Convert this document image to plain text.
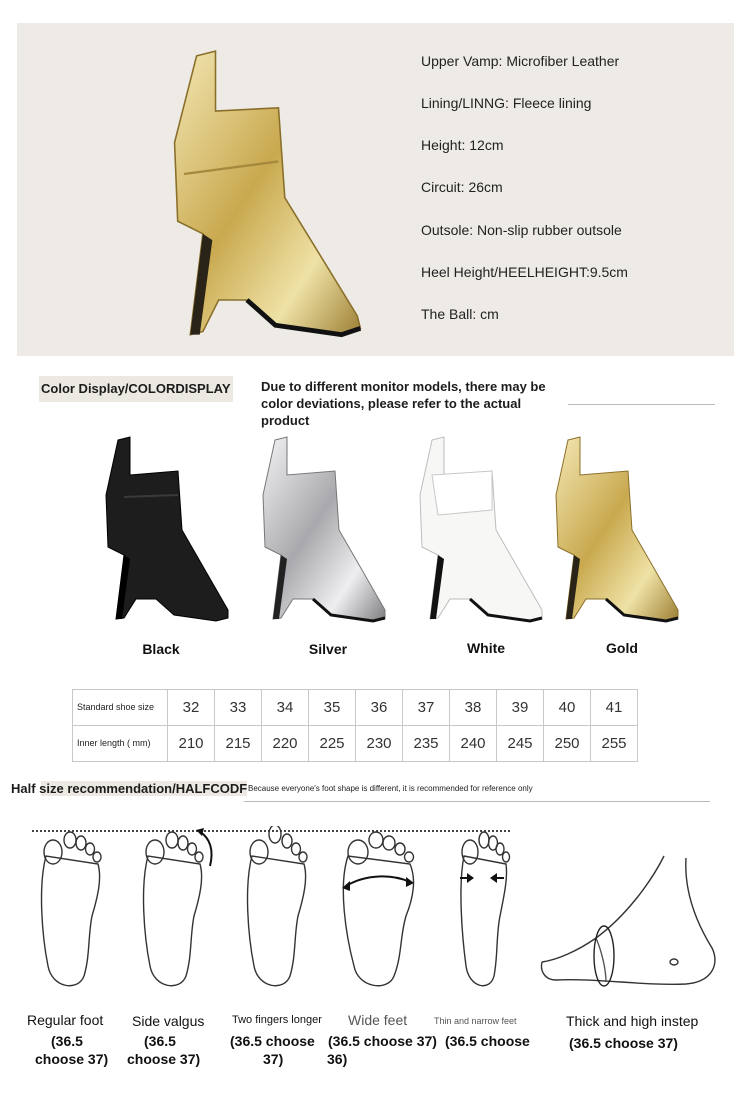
Upper Vamp: Microfiber Leather
Lining/LINNG: Fleece lining
Height: 12cm
Circuit: 26cm
Outsole: Non-slip rubber outsole
Heel Height/HEELHEIGHT:9.5cm
The Ball: cm
Color Display/COLORDISPLAY Due to different monitor models, there may be
color deviations, please refer to the actual
product
Black	Silver	White	Gold
Standard shoe size	32	33	34	35	36	37	38	39	40	41
Inner length ( mm)	210	215	220	225	230	235	240	245	250	255
Half size recommendation/HALFCODF Because everyone's foot shape is different, it is recommended for reference only
Regular foot
(36.5
choose 37)
Side valgus
(36.5
choose 37)
Two fingers longer
(36.5 choose
37)
Wide feet
(36.5 choose 37)
Thin and narrow feet
(36.5 choose
36)
Thick and high instep
(36.5 choose 37)
